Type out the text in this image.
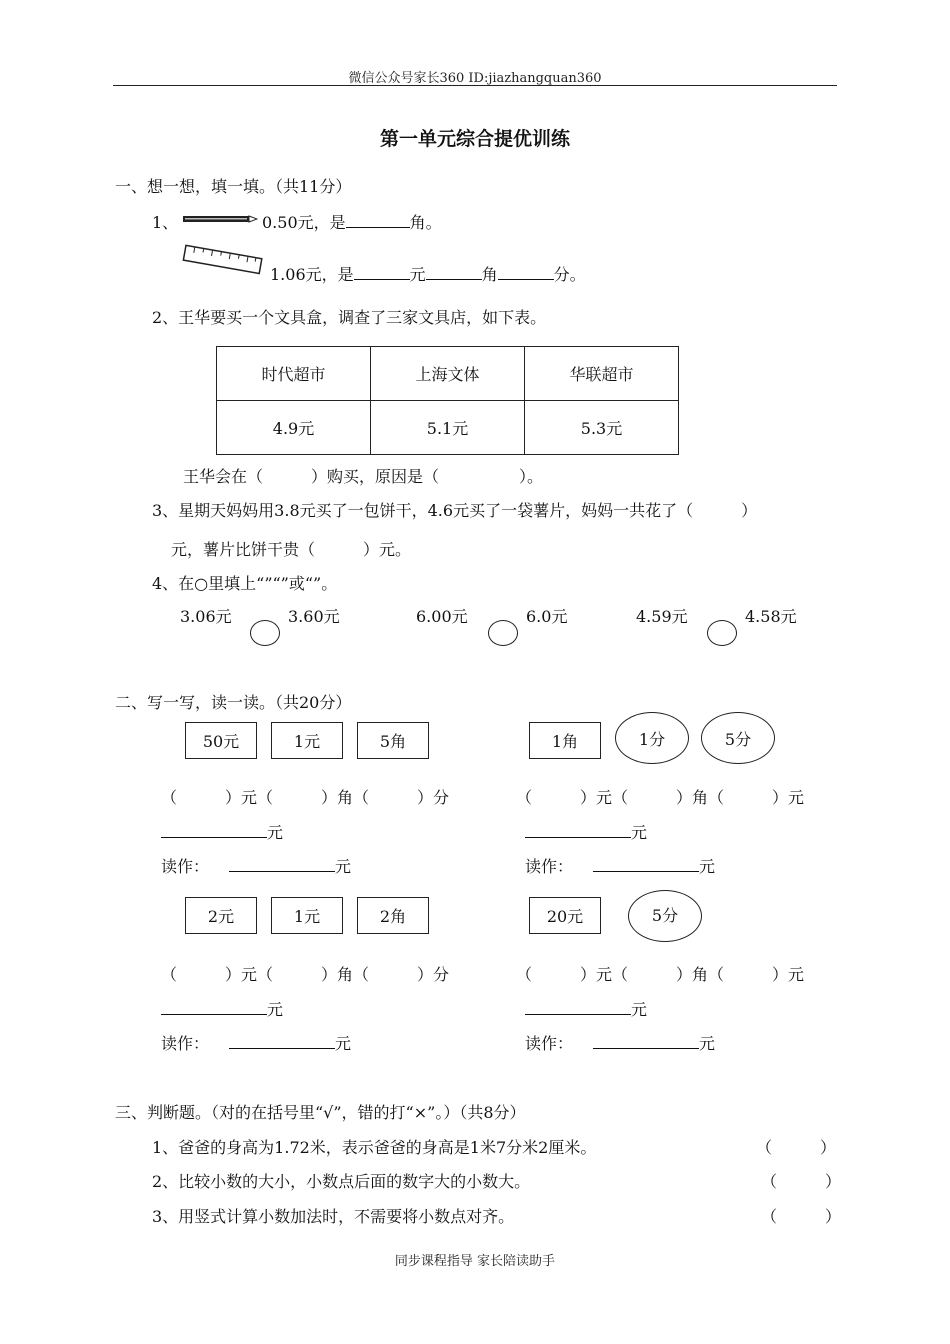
微信公众号家长360 ID:jiazhangquan360
第一单元综合提优训练
一、想一想，填一填。（共11分）
1、	0.50元，是	角。
1.06元，是	元	角	分。
2、王华要买一个文具盒，调查了三家文具店，如下表。
时代超市	上海文体	华联超市
4.9元	5.1元	5.3元
王华会在（　　　）购买，原因是（　　　　　）。
3、星期天妈妈用3.8元买了一包饼干，4.6元买了一袋薯片，妈妈一共花了（　　　）
元，薯片比饼干贵（　　　）元。
4、在○里填上“”“”或“”。
3.06元	3.60元	6.00元	6.0元	4.59元	4.58元
二、写一写，读一读。（共20分）
50元	1元	5角	1角	1分	5分
（　　　）元（　　　）角（　　　）分	（　　　）元（　　　）角（　　　）元
元	元
读作：	元	读作：	元
2元	1元	2角	20元	5分
（　　　）元（　　　）角（　　　）分	（　　　）元（　　　）角（　　　）元
元	元
读作：	元	读作：	元
三、判断题。（对的在括号里“√”，错的打“×”。）（共8分）
1、爸爸的身高为1.72米，表示爸爸的身高是1米7分米2厘米。	（　　　）
2、比较小数的大小，小数点后面的数字大的小数大。	（　　　）
3、用竖式计算小数加法时，不需要将小数点对齐。	（　　　）
同步课程指导 家长陪读助手
